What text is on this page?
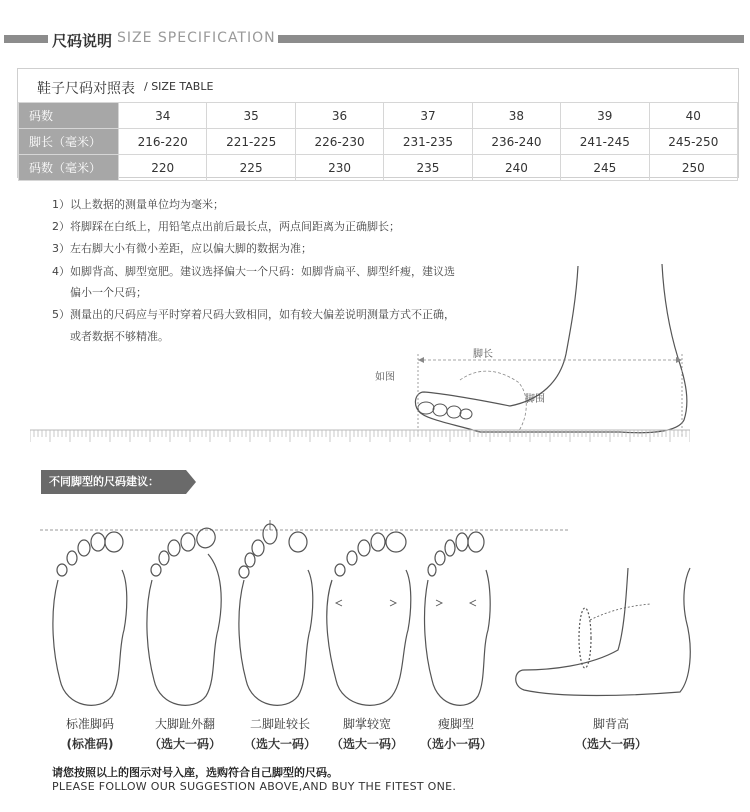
尺码说明 SIZE SPECIFICATION
鞋子尺码对照表 / SIZE TABLE
码数	34	35	36	37	38	39	40
脚长（毫米）	216-220	221-225	226-230	231-235	236-240	241-245	245-250
码数（毫米）	220	225	230	235	240	245	250
1）以上数据的测量单位均为毫米；
2）将脚踩在白纸上，用铅笔点出前后最长点，两点间距离为正确脚长；
3）左右脚大小有微小差距，应以偏大脚的数据为准；
4）如脚背高、脚型宽肥。建议选择偏大一个尺码：如脚背扁平、脚型纤瘦，建议选
偏小一个尺码；
5）测量出的尺码应与平时穿着尺码大致相同，如有较大偏差说明测量方式不正确，
或者数据不够精准。
脚长
如图
脚围
不同脚型的尺码建议：
标准脚码
(标准码)
大脚趾外翻
（选大一码）
二脚趾较长
（选大一码）
脚掌较宽
（选大一码）
瘦脚型
（选小一码）
脚背高
（选大一码）
请您按照以上的图示对号入座，选购符合自己脚型的尺码。
PLEASE FOLLOW OUR SUGGESTION ABOVE,AND BUY THE FITEST ONE.
